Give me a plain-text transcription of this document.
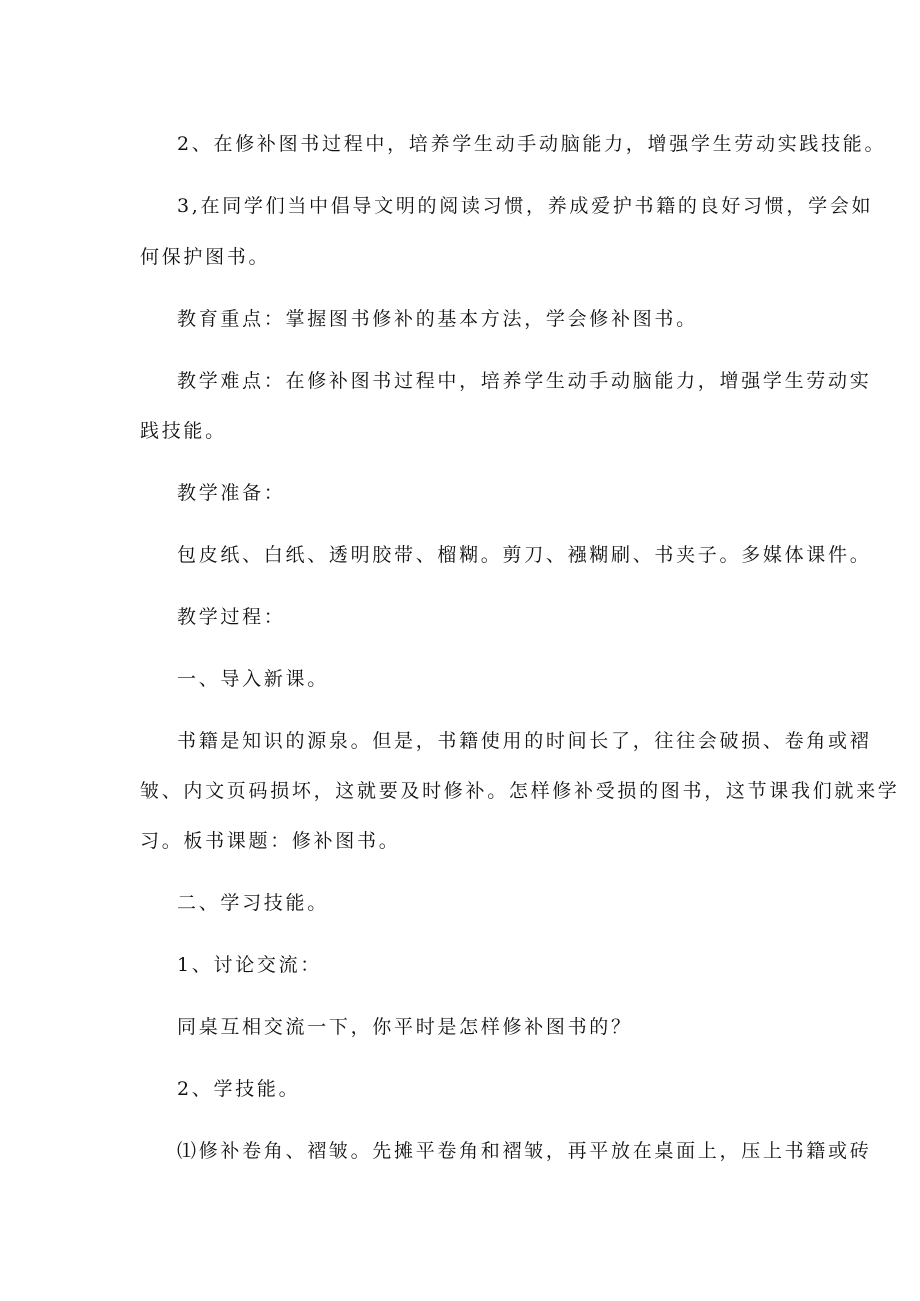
2、在修补图书过程中，培养学生动手动脑能力，增强学生劳动实践技能。
3,在同学们当中倡导文明的阅读习惯，养成爱护书籍的良好习惯，学会如
何保护图书。
教育重点：掌握图书修补的基本方法，学会修补图书。
教学难点：在修补图书过程中，培养学生动手动脑能力，增强学生劳动实
践技能。
教学准备：
包皮纸、白纸、透明胶带、榴糊。剪刀、襁糊刷、书夹子。多媒体课件。
教学过程：
一、导入新课。
书籍是知识的源泉。但是，书籍使用的时间长了，往往会破损、卷角或褶
皱、内文页码损坏，这就要及时修补。怎样修补受损的图书，这节课我们就来学
习。板书课题：修补图书。
二、学习技能。
1、讨论交流：
同桌互相交流一下，你平时是怎样修补图书的？
2、学技能。
⑴修补卷角、褶皱。先摊平卷角和褶皱，再平放在桌面上，压上书籍或砖
